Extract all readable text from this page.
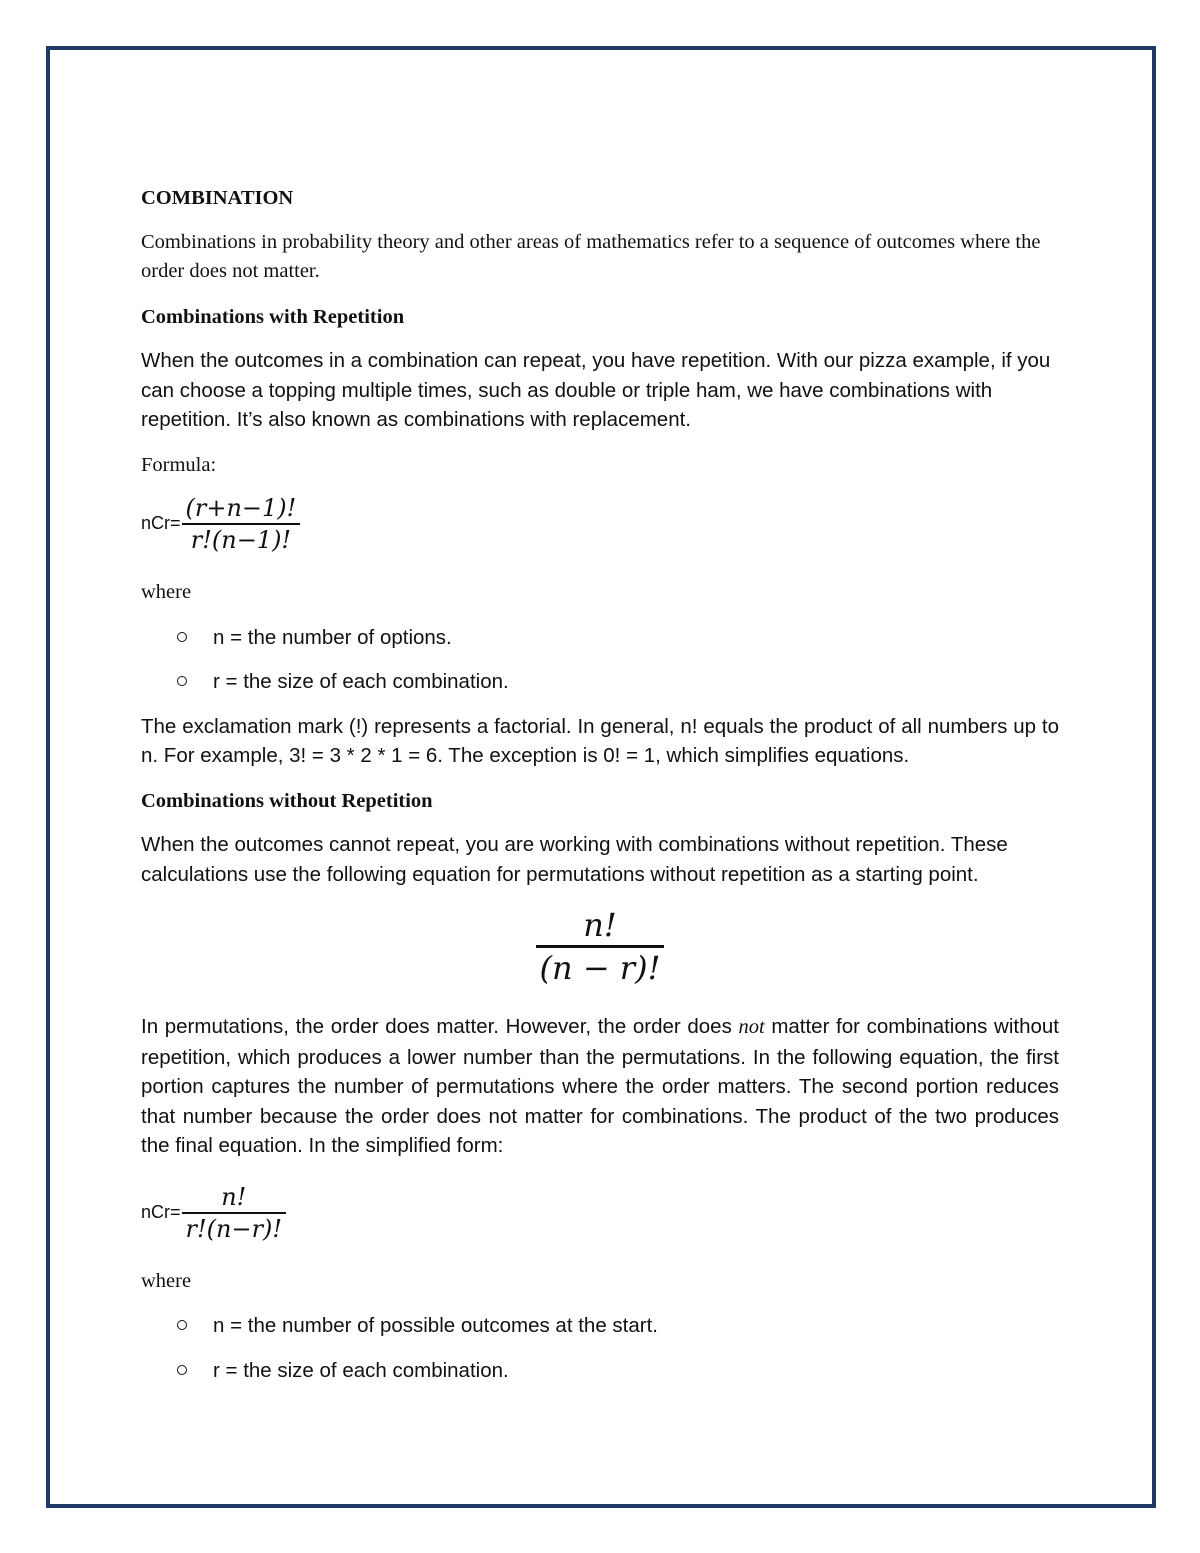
COMBINATION

Combinations in probability theory and other areas of mathematics refer to a sequence of outcomes where the order does not matter.

Combinations with Repetition

When the outcomes in a combination can repeat, you have repetition. With our pizza example, if you can choose a topping multiple times, such as double or triple ham, we have combinations with repetition. It’s also known as combinations with replacement.

Formula:

$nCr= \frac{(r+n-1)!}{r!(n-1)!}$
where
n = the number of options.
r = the size of each combination.

The exclamation mark (!) represents a factorial. In general, n! equals the product of all numbers up to n. For example, 3! = 3 * 2 * 1 = 6. The exception is 0! = 1, which simplifies equations.

Combinations without Repetition

When the outcomes cannot repeat, you are working with combinations without repetition. These calculations use the following equation for permutations without repetition as a starting point.

$\frac{n!}{(n - r)!}$

In permutations, the order does matter. However, the order does not matter for combinations without repetition, which produces a lower number than the permutations. In the following equation, the first portion captures the number of permutations where the order matters. The second portion reduces that number because the order does not matter for combinations. The product of the two produces the final equation. In the simplified form:

$nCr= \frac{n!}{r!(n-r)!}$
where
n = the number of possible outcomes at the start.
r = the size of each combination.
